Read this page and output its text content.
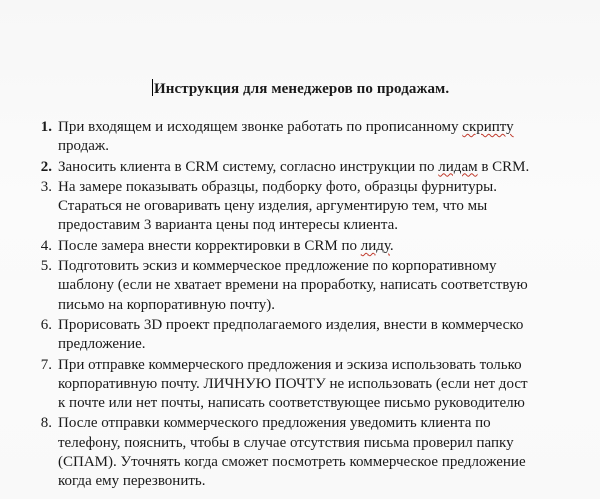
Инструкция для менеджеров по продажам.

1. При входящем и исходящем звонке работать по прописанному скрипту
продаж.
2. Заносить клиента в CRM систему, согласно инструкции по лидам в CRM.
3. На замере показывать образцы, подборку фото, образцы фурнитуры.
Стараться не оговаривать цену изделия, аргументирую тем, что мы
предоставим 3 варианта цены под интересы клиента.
4. После замера внести корректировки в CRM по лиду.
5. Подготовить эскиз и коммерческое предложение по корпоративному
шаблону (если не хватает времени на проработку, написать соответствую
письмо на корпоративную почту).
6. Прорисовать 3D проект предполагаемого изделия, внести в коммерческо
предложение.
7. При отправке коммерческого предложения и эскиза использовать только
корпоративную почту. ЛИЧНУЮ ПОЧТУ не использовать (если нет дост
к почте или нет почты, написать соответствующее письмо руководителю
8. После отправки коммерческого предложения уведомить клиента по
телефону, пояснить, чтобы в случае отсутствия письма проверил папку
(СПАМ). Уточнять когда сможет посмотреть коммерческое предложение
когда ему перезвонить.
